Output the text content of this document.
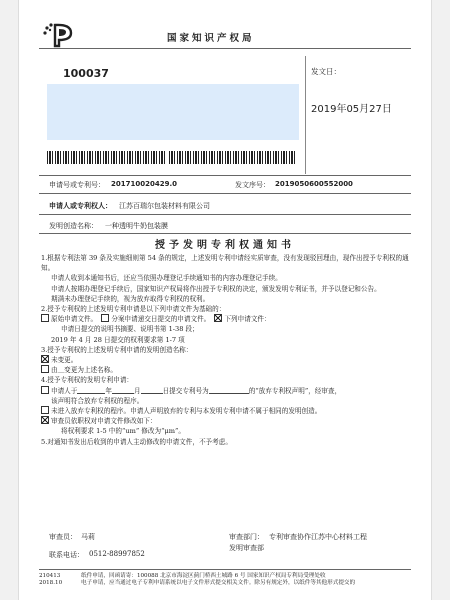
国家知识产权局
100037	发文日：
2019年05月27日
申请号或专利号： 201710020429.0	发文序号： 2019050600552000
申请人或专利权人： 江苏百瑞尔包装材料有限公司
发明创造名称： 一种透明牛奶包装膜
授予发明专利权通知书

1.根据专利法第 39 条及实施细则第 54 条的规定，上述发明专利申请经实质审查，没有发现驳回理由，现作出授予专利权的通知。

申请人收到本通知书后，还应当依照办理登记手续通知书的内容办理登记手续。

申请人按期办理登记手续后，国家知识产权局将作出授予专利权的决定，颁发发明专利证书，并予以登记和公告。

期满未办理登记手续的，视为放弃取得专利权的权利。

2.授予专利权的上述发明专利申请是以下列申请文件为基础的：

原始申请文件。 分案申请递交日提交的申请文件。 下列申请文件：

申请日提交的说明书摘要、说明书第 1-38 段；

2019 年 4 月 28 日提交的权利要求第 1-7 项

3.授予专利权的上述发明专利申请的发明创造名称：

未变更。

由＿变更为上述名称。

4.授予专利权的发明专利申请：

申请人于	年	月	日提交专利号为	的“放弃专利权声明”，经审查，

该声明符合放弃专利权的程序。

未进入放弃专利权的程序。申请人声明放弃的专利与本发明专利申请不属于相同的发明创造。

审查员依职权对申请文件修改如下：

将权利要求 1-5 中的“um” 修改为“μm”。

5.对通知书发出后收到的申请人主动修改的申请文件，不予考虑。

审查员： 马莉	审查部门： 专利审查协作江苏中心材料工程
发明审查部
联系电话： 0512-88997852
210413
2018.10
纸件申请，回函请寄：100088 北京市海淀区蓟门桥西土城路 6 号 国家知识产权局专利局受理处收
电子申请，应当通过电子专利申请系统以电子文件形式提交相关文件。除另有规定外，以纸件等其他形式提交的
